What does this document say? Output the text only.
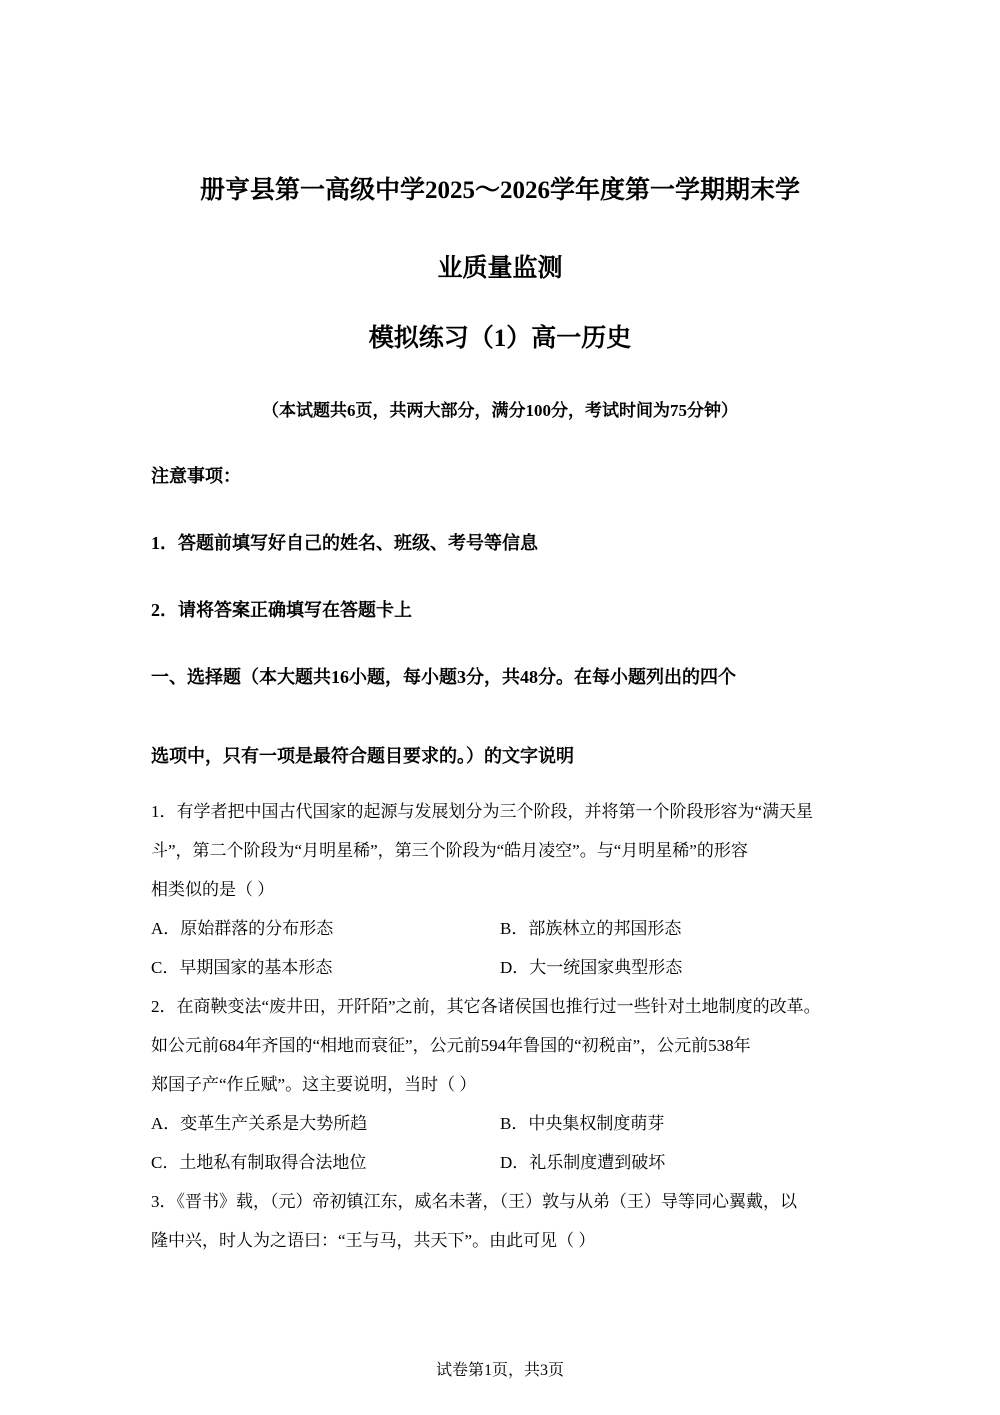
册亨县第一高级中学2025～2026学年度第一学期期末学
业质量监测
模拟练习（1）高一历史
（本试题共6页，共两大部分，满分100分，考试时间为75分钟）
注意事项：
1．答题前填写好自己的姓名、班级、考号等信息
2．请将答案正确填写在答题卡上
一、选择题（本大题共16小题，每小题3分，共48分。在每小题列出的四个
选项中，只有一项是最符合题目要求的。）的文字说明
1．有学者把中国古代国家的起源与发展划分为三个阶段，并将第一个阶段形容为“满天星
斗”，第二个阶段为“月明星稀”，第三个阶段为“皓月凌空”。与“月明星稀”的形容
相类似的是（ ）
A．原始群落的分布形态	B．部族林立的邦国形态
C．早期国家的基本形态	D．大一统国家典型形态
2．在商鞅变法“废井田，开阡陌”之前，其它各诸侯国也推行过一些针对土地制度的改革。
如公元前684年齐国的“相地而衰征”，公元前594年鲁国的“初税亩”，公元前538年
郑国子产“作丘赋”。这主要说明，当时（ ）
A．变革生产关系是大势所趋	B．中央集权制度萌芽
C．土地私有制取得合法地位	D．礼乐制度遭到破坏
3．《晋书》载，（元）帝初镇江东，威名未著，（王）敦与从弟（王）导等同心翼戴，以
隆中兴，时人为之语曰：“王与马，共天下”。由此可见（ ）
试卷第1页，共3页
